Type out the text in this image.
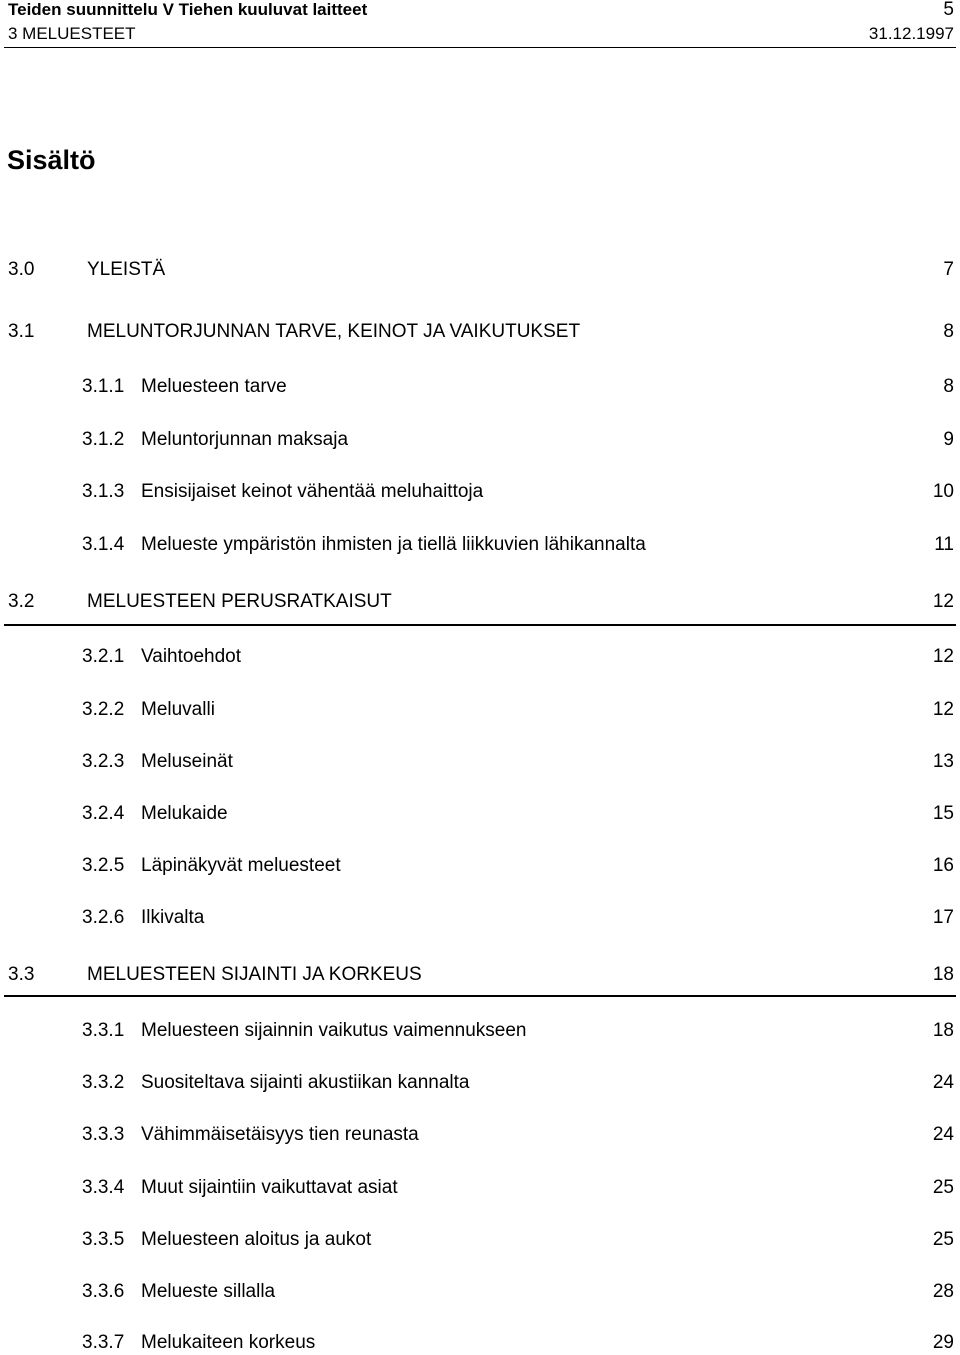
Teiden suunnittelu V Tiehen kuuluvat laitteet	5
3 MELUESTEET	31.12.1997
Sisältö
3.0	YLEISTÄ	7
3.1	MELUNTORJUNNAN TARVE, KEINOT JA VAIKUTUKSET	8
3.1.1 Meluesteen tarve	8
3.1.2 Meluntorjunnan maksaja	9
3.1.3 Ensisijaiset keinot vähentää meluhaittoja	10
3.1.4 Melueste ympäristön ihmisten ja tiellä liikkuvien lähikannalta	11
3.2	MELUESTEEN PERUSRATKAISUT	12
3.2.1 Vaihtoehdot	12
3.2.2 Meluvalli	12
3.2.3 Meluseinät	13
3.2.4 Melukaide	15
3.2.5 Läpinäkyvät meluesteet	16
3.2.6 Ilkivalta	17
3.3	MELUESTEEN SIJAINTI JA KORKEUS	18
3.3.1 Meluesteen sijainnin vaikutus vaimennukseen	18
3.3.2 Suositeltava sijainti akustiikan kannalta	24
3.3.3 Vähimmäisetäisyys tien reunasta	24
3.3.4 Muut sijaintiin vaikuttavat asiat	25
3.3.5 Meluesteen aloitus ja aukot	25
3.3.6 Melueste sillalla	28
3.3.7 Melukaiteen korkeus	29
